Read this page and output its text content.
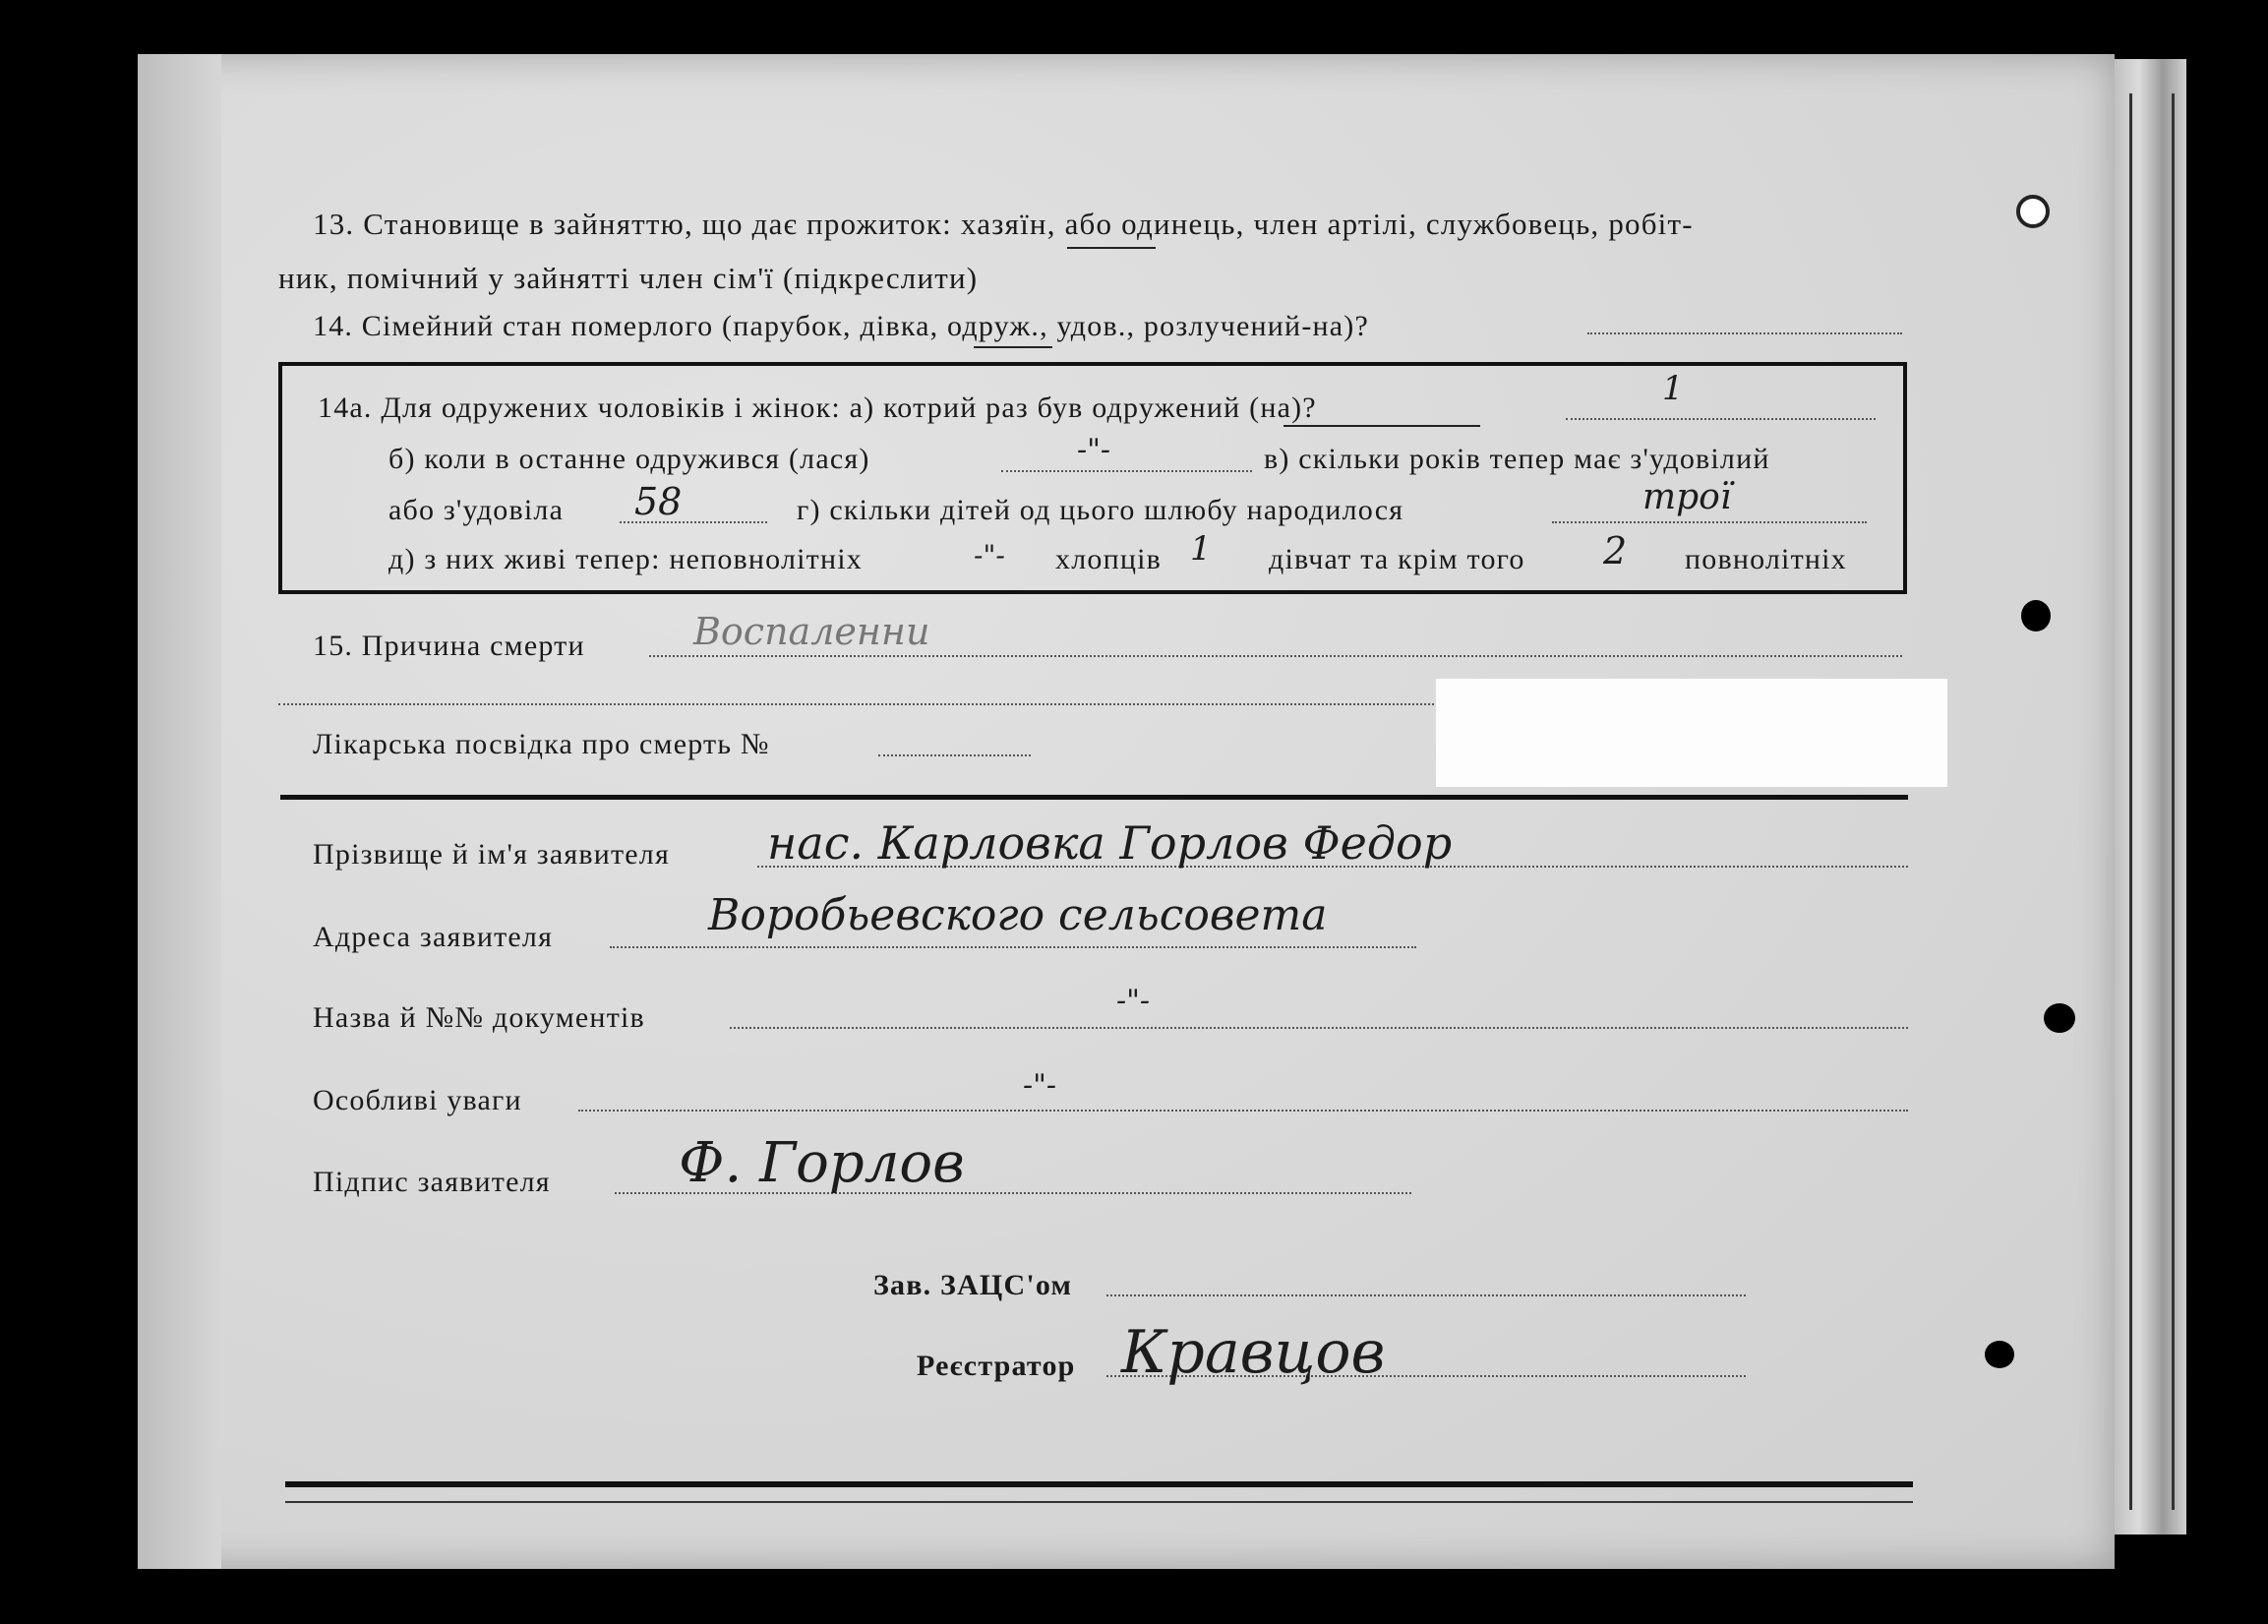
13. Становище в зайняттю, що дає прожиток: хазяїн, або одинець, член артілі, службовець, робіт-
ник, помічний у зайнятті член сім'ї (підкреслити)
14. Сімейний стан померлого (парубок, дівка, одруж., удов., розлучений-на)?
14а. Для одружених чоловіків і жінок: а) котрий раз був одружений (на)?	1
б) коли в останне одружився (лася)	-"-	в) скільки років тепер має з'удовілий
або з'удовіла 58	г) скільки дітей од цього шлюбу народилося	трої
д) з них живі тепер: неповнолітніх	-"- хлопців 1 дівчат та крім того 2 повнолітніх
15. Причина смерти	Воспаленни
Лікарська посвідка про смерть №
Прізвище й ім'я заявителя нас. Карловка Горлов Федор
Адреса заявителя	Воробьевского сельсовета
Назва й №№ документів	-"-
Особливі уваги	-"-
Підпис заявителя Ф. Горлов
Зав. ЗАЦС'ом
Реєстратор Кравцов
